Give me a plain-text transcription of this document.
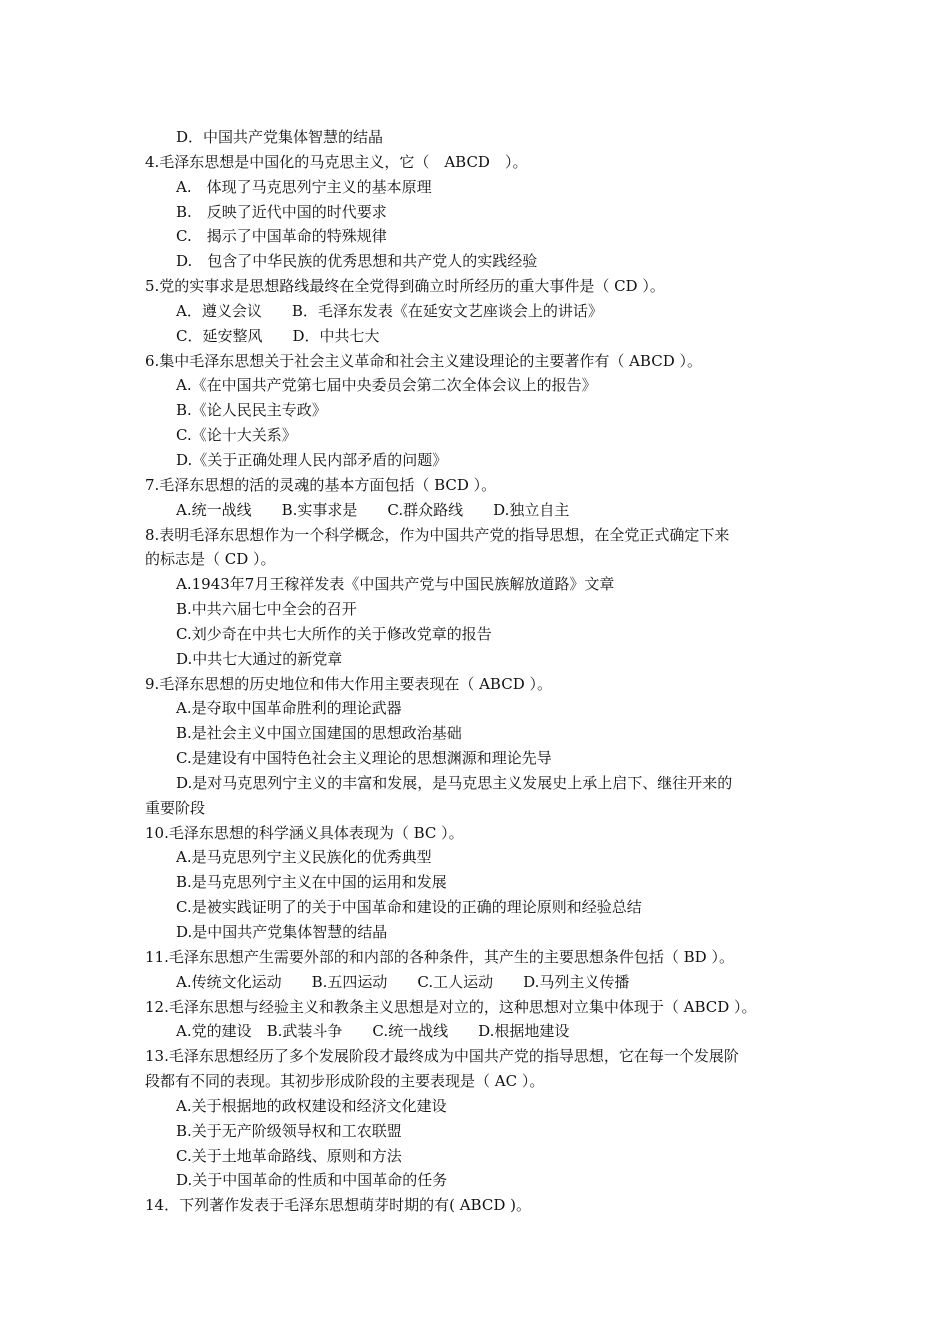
D．中国共产党集体智慧的结晶
4.毛泽东思想是中国化的马克思主义，它（　ABCD　）。
A.　体现了马克思列宁主义的基本原理
B.　反映了近代中国的时代要求
C.　揭示了中国革命的特殊规律
D.　包含了中华民族的优秀思想和共产党人的实践经验
5.党的实事求是思想路线最终在全党得到确立时所经历的重大事件是（ CD ）。
A．遵义会议　　B．毛泽东发表《在延安文艺座谈会上的讲话》
C．延安整风　　D．中共七大
6.集中毛泽东思想关于社会主义革命和社会主义建设理论的主要著作有（ ABCD ）。
A.《在中国共产党第七届中央委员会第二次全体会议上的报告》
B.《论人民民主专政》
C.《论十大关系》
D.《关于正确处理人民内部矛盾的问题》
7.毛泽东思想的活的灵魂的基本方面包括（ BCD ）。
A.统一战线　　B.实事求是　　C.群众路线　　D.独立自主
8.表明毛泽东思想作为一个科学概念，作为中国共产党的指导思想，在全党正式确定下来
的标志是（ CD ）。
A.1943年7月王稼祥发表《中国共产党与中国民族解放道路》文章
B.中共六届七中全会的召开
C.刘少奇在中共七大所作的关于修改党章的报告
D.中共七大通过的新党章
9.毛泽东思想的历史地位和伟大作用主要表现在（ ABCD ）。
A.是夺取中国革命胜利的理论武器
B.是社会主义中国立国建国的思想政治基础
C.是建设有中国特色社会主义理论的思想渊源和理论先导
D.是对马克思列宁主义的丰富和发展，是马克思主义发展史上承上启下、继往开来的
重要阶段
10.毛泽东思想的科学涵义具体表现为（ BC ）。
A.是马克思列宁主义民族化的优秀典型
B.是马克思列宁主义在中国的运用和发展
C.是被实践证明了的关于中国革命和建设的正确的理论原则和经验总结
D.是中国共产党集体智慧的结晶
11.毛泽东思想产生需要外部的和内部的各种条件，其产生的主要思想条件包括（ BD ）。
A.传统文化运动　　B.五四运动　　C.工人运动　　D.马列主义传播
12.毛泽东思想与经验主义和教条主义思想是对立的，这种思想对立集中体现于（ ABCD ）。
A.党的建设　B.武装斗争　　C.统一战线　　D.根据地建设
13.毛泽东思想经历了多个发展阶段才最终成为中国共产党的指导思想，它在每一个发展阶
段都有不同的表现。其初步形成阶段的主要表现是（ AC ）。
A.关于根据地的政权建设和经济文化建设
B.关于无产阶级领导权和工农联盟
C.关于土地革命路线、原则和方法
D.关于中国革命的性质和中国革命的任务
14．下列著作发表于毛泽东思想萌芽时期的有( ABCD )。
